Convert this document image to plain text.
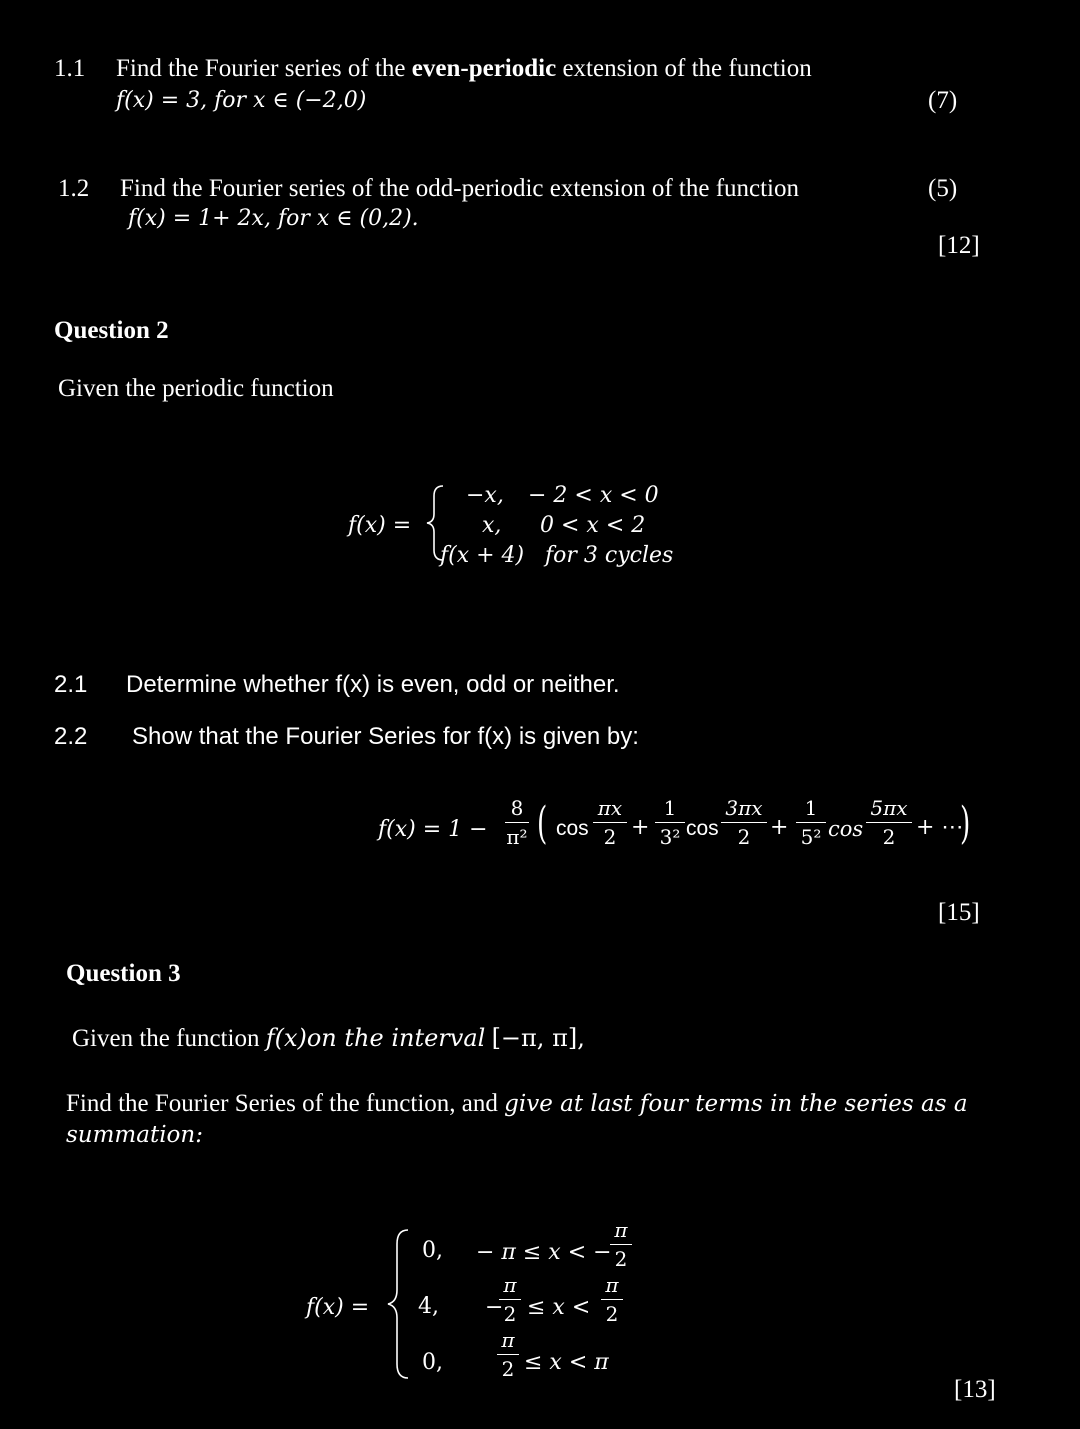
1.1 Find the Fourier series of the even-periodic extension of the function
f(x) = 3, for x ∈ (−2,0)	(7)
1.2 Find the Fourier series of the odd-periodic extension of the function
f(x) = 1+ 2x, for x ∈ (0,2).
(5)
[12]
Question 2
Given the periodic function
f(x) =
−x, − 2 < x < 0
x, 0 < x < 2
f(x + 4) for 3 cycles
2.1 Determine whether f(x) is even, odd or neither.
2.2 Show that the Fourier Series for f(x) is given by:
f(x) = 1 −
8
π² ( cos
πx
2 +
1
3² cos
3πx
2 +
1
5² cos
5πx
2 + ⋯
)
[15]
Question 3
Given the function f(x)on the interval [−π, π],
Find the Fourier Series of the function, and give at last four terms in the series as a
summation:
f(x) =
0,
4,
0,
− π ≤ x < −
π
2
−
π
2 ≤ x <
π
2
π
2 ≤ x < π
[13]
